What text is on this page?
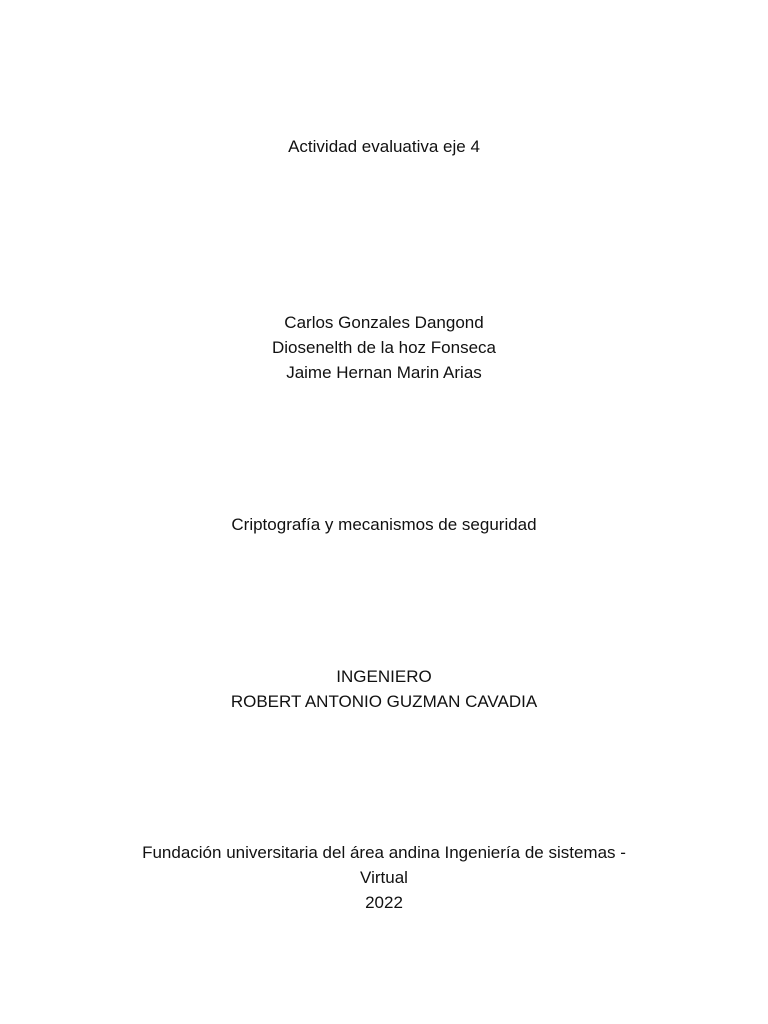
Actividad evaluativa eje 4
Carlos Gonzales Dangond
Diosenelth de la hoz Fonseca
Jaime Hernan Marin Arias
Criptografía y mecanismos de seguridad
INGENIERO
ROBERT ANTONIO GUZMAN CAVADIA
Fundación universitaria del área andina Ingeniería de sistemas -
Virtual
2022
